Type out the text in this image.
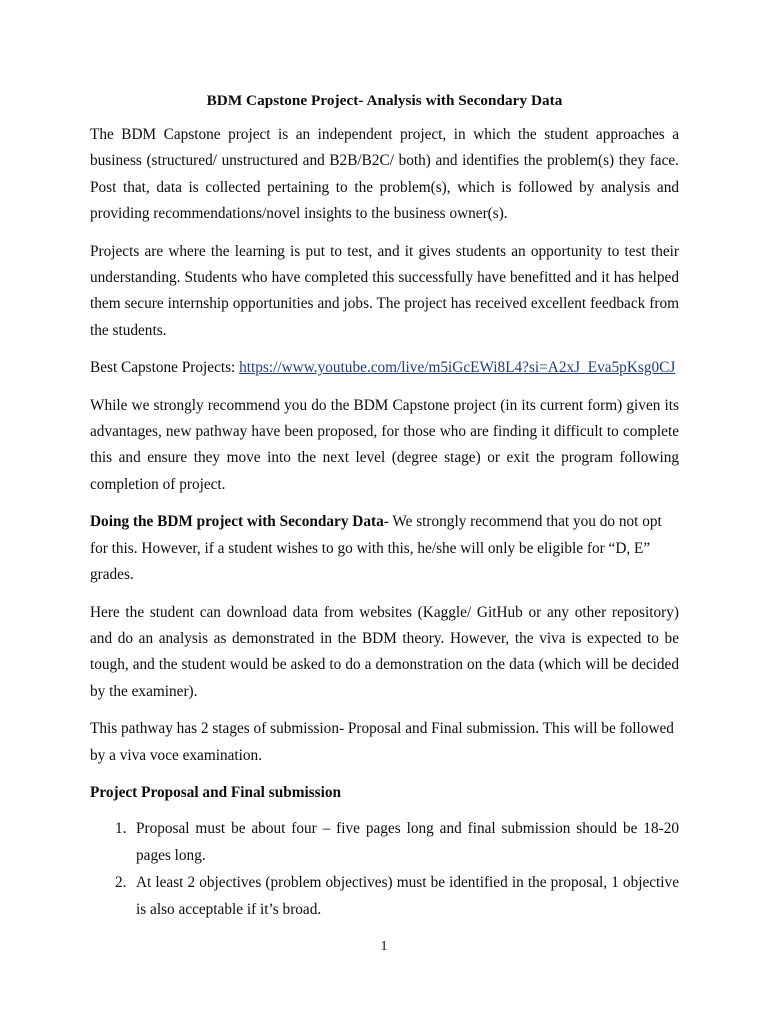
BDM Capstone Project- Analysis with Secondary Data

The BDM Capstone project is an independent project, in which the student approaches a business (structured/ unstructured and B2B/B2C/ both) and identifies the problem(s) they face. Post that, data is collected pertaining to the problem(s), which is followed by analysis and providing recommendations/novel insights to the business owner(s).

Projects are where the learning is put to test, and it gives students an opportunity to test their understanding. Students who have completed this successfully have benefitted and it has helped them secure internship opportunities and jobs. The project has received excellent feedback from the students.

Best Capstone Projects: https://www.youtube.com/live/m5iGcEWi8L4?si=A2xJ_Eva5pKsg0CJ

While we strongly recommend you do the BDM Capstone project (in its current form) given its advantages, new pathway have been proposed, for those who are finding it difficult to complete this and ensure they move into the next level (degree stage) or exit the program following completion of project.

Doing the BDM project with Secondary Data- We strongly recommend that you do not opt for this. However, if a student wishes to go with this, he/she will only be eligible for “D, E” grades.

Here the student can download data from websites (Kaggle/ GitHub or any other repository) and do an analysis as demonstrated in the BDM theory. However, the viva is expected to be tough, and the student would be asked to do a demonstration on the data (which will be decided by the examiner).

This pathway has 2 stages of submission- Proposal and Final submission. This will be followed by a viva voce examination.

Project Proposal and Final submission
Proposal must be about four – five pages long and final submission should be 18-20 pages long.
At least 2 objectives (problem objectives) must be identified in the proposal, 1 objective is also acceptable if it’s broad.
1
